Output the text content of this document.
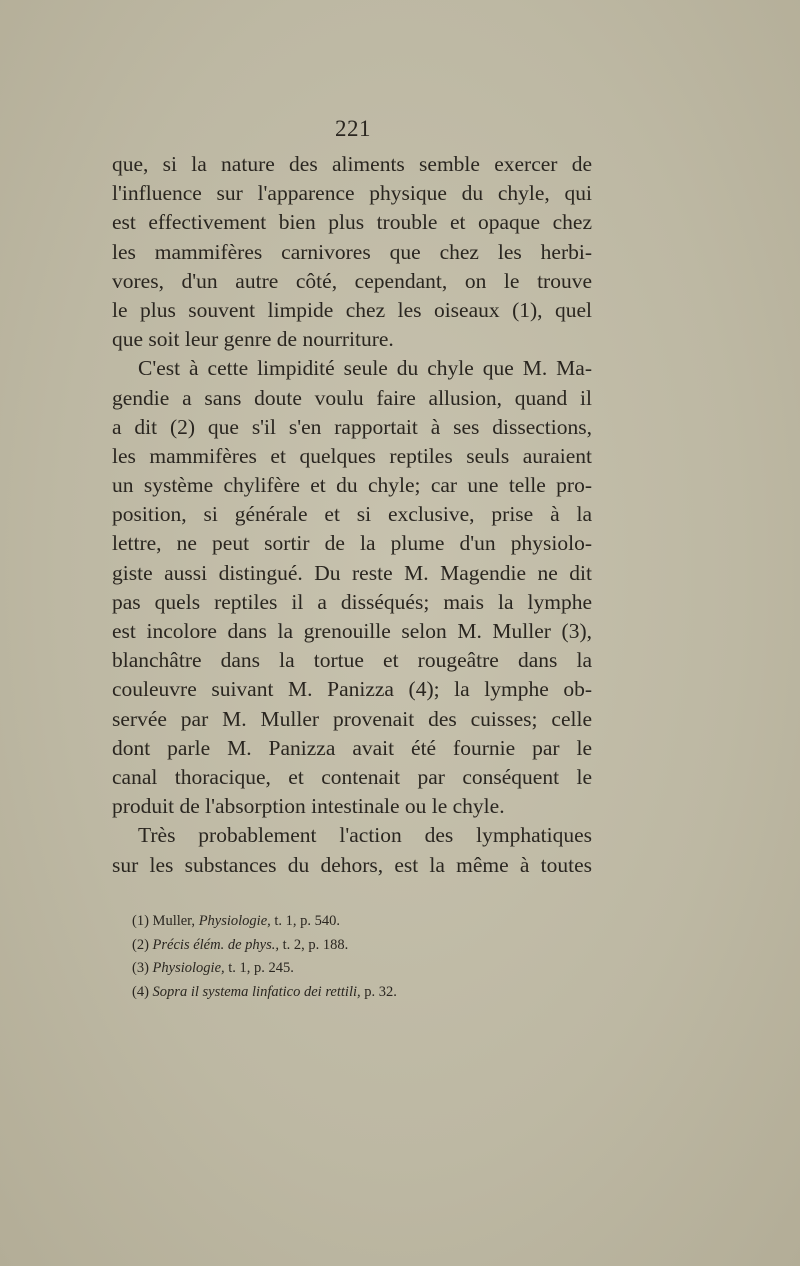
221
que, si la nature des aliments semble exercer de
l'influence sur l'apparence physique du chyle, qui
est effectivement bien plus trouble et opaque chez
les mammifères carnivores que chez les herbi-
vores, d'un autre côté, cependant, on le trouve
le plus souvent limpide chez les oiseaux (1), quel
que soit leur genre de nourriture.
C'est à cette limpidité seule du chyle que M. Ma-
gendie a sans doute voulu faire allusion, quand il
a dit (2) que s'il s'en rapportait à ses dissections,
les mammifères et quelques reptiles seuls auraient
un système chylifère et du chyle; car une telle pro-
position, si générale et si exclusive, prise à la
lettre, ne peut sortir de la plume d'un physiolo-
giste aussi distingué. Du reste M. Magendie ne dit
pas quels reptiles il a disséqués; mais la lymphe
est incolore dans la grenouille selon M. Muller (3),
blanchâtre dans la tortue et rougeâtre dans la
couleuvre suivant M. Panizza (4); la lymphe ob-
servée par M. Muller provenait des cuisses; celle
dont parle M. Panizza avait été fournie par le
canal thoracique, et contenait par conséquent le
produit de l'absorption intestinale ou le chyle.
Très probablement l'action des lymphatiques
sur les substances du dehors, est la même à toutes
(1) Muller, Physiologie, t. 1, p. 540.
(2) Précis élém. de phys., t. 2, p. 188.
(3) Physiologie, t. 1, p. 245.
(4) Sopra il systema linfatico dei rettili, p. 32.
